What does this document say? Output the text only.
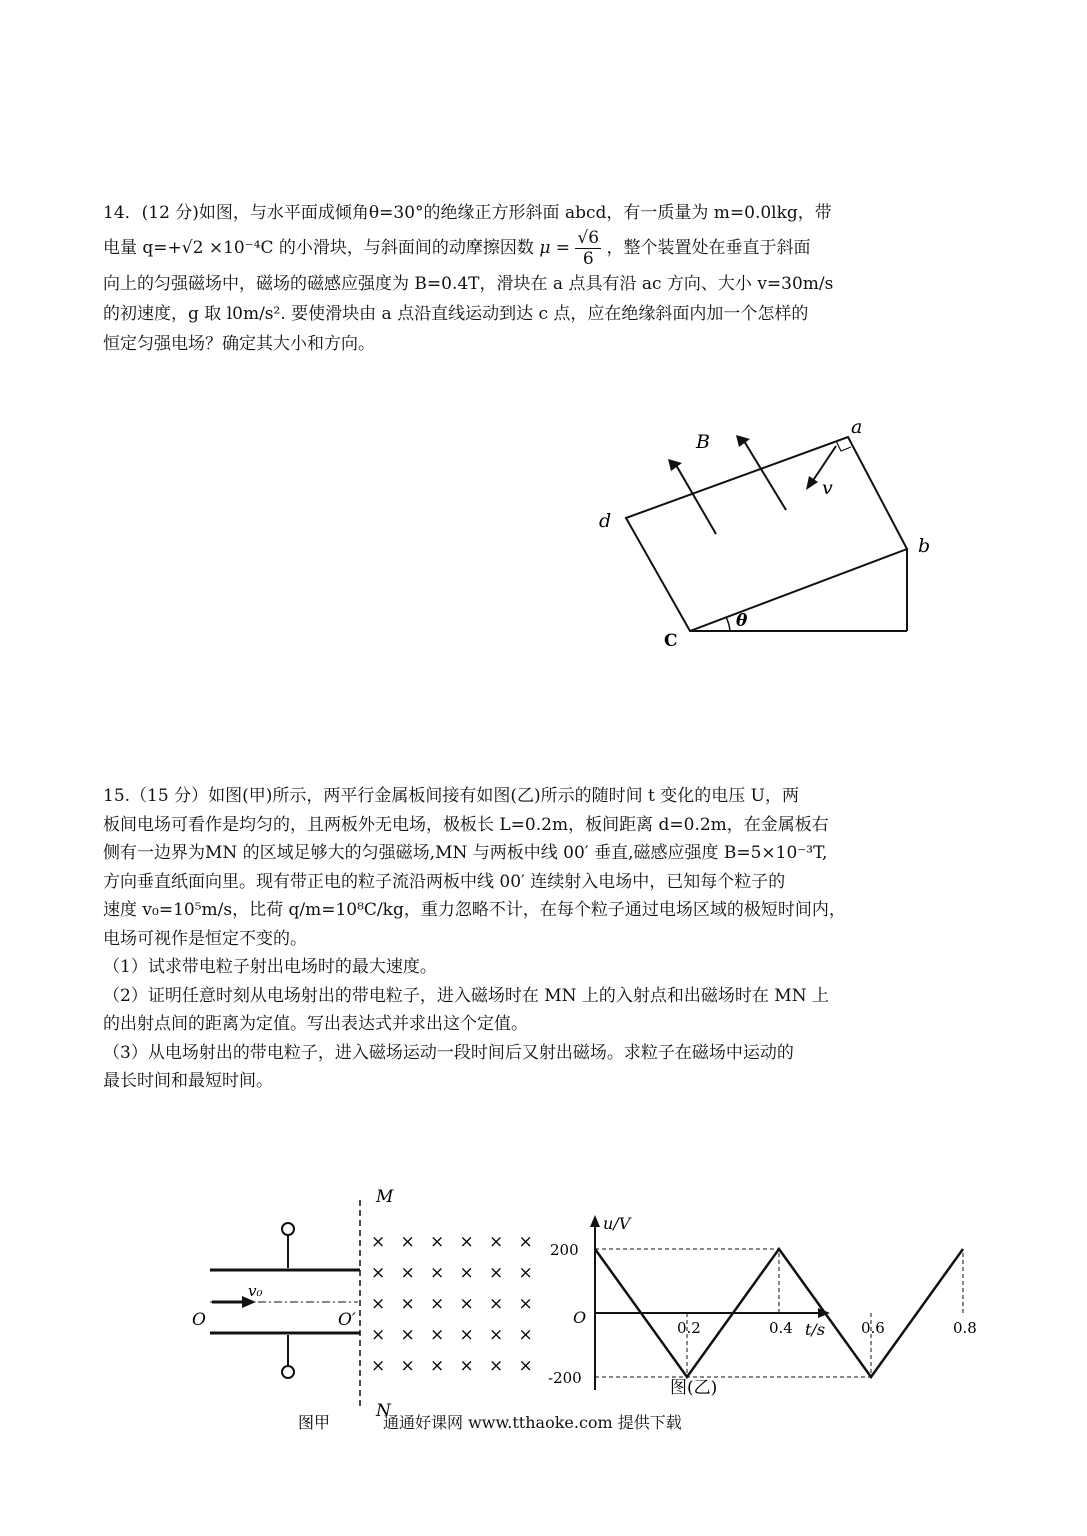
14．(12 分)如图，与水平面成倾角θ=30°的绝缘正方形斜面 abcd，有一质量为 m=0.0lkg，带
电量 q=+√2 ×10⁻⁴C 的小滑块，与斜面间的动摩擦因数 $\mu = \frac{√6}{6}$ ，整个装置处在垂直于斜面
向上的匀强磁场中，磁场的磁感应强度为 B=0.4T，滑块在 a 点具有沿 ac 方向、大小 v=30m/s
的初速度，g 取 l0m/s². 要使滑块由 a 点沿直线运动到达 c 点，应在绝缘斜面内加一个怎样的
恒定匀强电场？确定其大小和方向。
B
a
v
d
b
C
θ
15.（15 分）如图(甲)所示，两平行金属板间接有如图(乙)所示的随时间 t 变化的电压 U，两
板间电场可看作是均匀的，且两板外无电场，极板长 L=0.2m，板间距离 d=0.2m，在金属板右
侧有一边界为MN 的区域足够大的匀强磁场,MN 与两板中线 00′ 垂直,磁感应强度 B=5×10⁻³T,
方向垂直纸面向里。现有带正电的粒子流沿两板中线 00′ 连续射入电场中，已知每个粒子的
速度 v₀=10⁵m/s，比荷 q/m=10⁸C/kg，重力忽略不计，在每个粒子通过电场区域的极短时间内，
电场可视作是恒定不变的。
（1）试求带电粒子射出电场时的最大速度。
（2）证明任意时刻从电场射出的带电粒子，进入磁场时在 MN 上的入射点和出磁场时在 MN 上
的出射点间的距离为定值。写出表达式并求出这个定值。
（3）从电场射出的带电粒子，进入磁场运动一段时间后又射出磁场。求粒子在磁场中运动的
最长时间和最短时间。
× × × × × ×
× × × × × ×
× × × × × ×
× × × × × ×
× × × × × ×
M
N
O	O′
v₀
图甲
200
-200
0.2	0.4	0.6	0.8
u/V
t/s
O
图(乙)
通通好课网 www.tthaoke.com 提供下载
